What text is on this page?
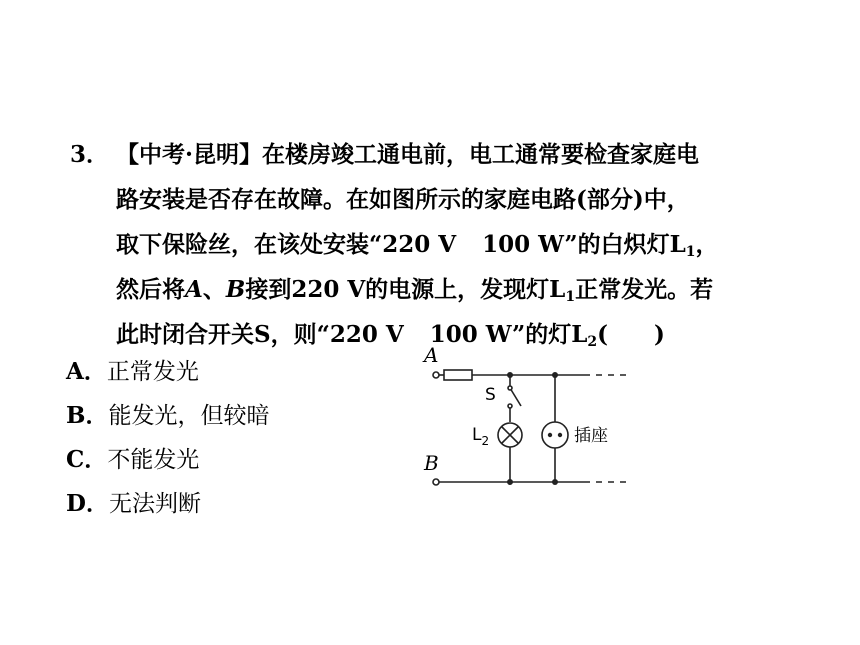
3． 【中考·昆明】在楼房竣工通电前，电工通常要检查家庭电
路安装是否存在故障。在如图所示的家庭电路(部分)中，
取下保险丝，在该处安装“220 V 100 W”的白炽灯$L_1$，
然后将A、B接到220 V的电源上，发现灯$L_1$正常发光。若
此时闭合开关S，则“220 V 100 W”的灯$L_2$( )
A．正常发光
B．能发光，但较暗
C．不能发光
D．无法判断
A
B
S
$L_2$	插座
